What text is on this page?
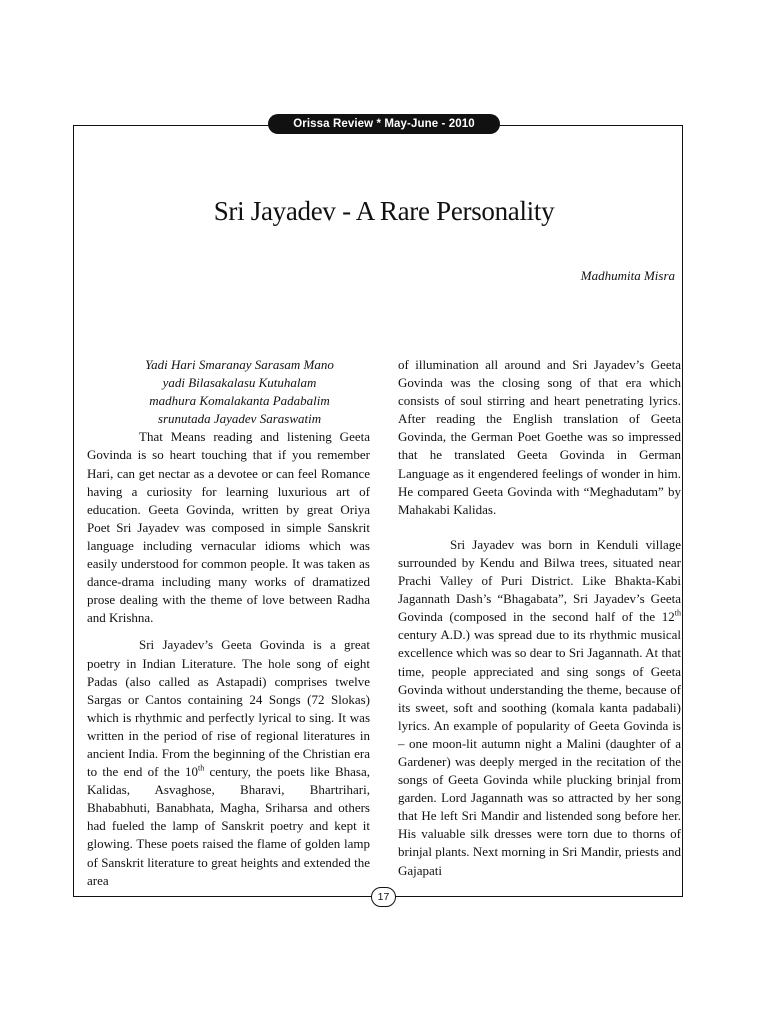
Orissa Review * May-June - 2010
Sri Jayadev - A Rare Personality
Madhumita Misra
Yadi Hari Smaranay Sarasam Mano
yadi Bilasakalasu Kutuhalam
madhura Komalakanta Padabalim
srunutada Jayadev Saraswatim

That Means reading and listening Geeta Govinda is so heart touching that if you remember Hari, can get nectar as a devotee or can feel Romance having a curiosity for learning luxurious art of education. Geeta Govinda, written by great Oriya Poet Sri Jayadev was composed in simple Sanskrit language including vernacular idioms which was easily understood for common people. It was taken as dance-drama including many works of dramatized prose dealing with the theme of love between Radha and Krishna.

Sri Jayadev’s Geeta Govinda is a great poetry in Indian Literature. The hole song of eight Padas (also called as Astapadi) comprises twelve Sargas or Cantos containing 24 Songs (72 Slokas) which is rhythmic and perfectly lyrical to sing. It was written in the period of rise of regional literatures in ancient India. From the beginning of the Christian era to the end of the 10th century, the poets like Bhasa, Kalidas, Asvaghose, Bharavi, Bhartrihari, Bhababhuti, Banabhata, Magha, Sriharsa and others had fueled the lamp of Sanskrit poetry and kept it glowing. These poets raised the flame of golden lamp of Sanskrit literature to great heights and extended the area

of illumination all around and Sri Jayadev’s Geeta Govinda was the closing song of that era which consists of soul stirring and heart penetrating lyrics. After reading the English translation of Geeta Govinda, the German Poet Goethe was so impressed that he translated Geeta Govinda in German Language as it engendered feelings of wonder in him. He compared Geeta Govinda with “Meghadutam” by Mahakabi Kalidas.

Sri Jayadev was born in Kenduli village surrounded by Kendu and Bilwa trees, situated near Prachi Valley of Puri District. Like Bhakta-Kabi Jagannath Dash’s “Bhagabata”, Sri Jayadev’s Geeta Govinda (composed in the second half of the 12th century A.D.) was spread due to its rhythmic musical excellence which was so dear to Sri Jagannath. At that time, people appreciated and sing songs of Geeta Govinda without understanding the theme, because of its sweet, soft and soothing (komala kanta padabali) lyrics. An example of popularity of Geeta Govinda is – one moon-lit autumn night a Malini (daughter of a Gardener) was deeply merged in the recitation of the songs of Geeta Govinda while plucking brinjal from garden. Lord Jagannath was so attracted by her song that He left Sri Mandir and listended song before her. His valuable silk dresses were torn due to thorns of brinjal plants. Next morning in Sri Mandir, priests and Gajapati

17
